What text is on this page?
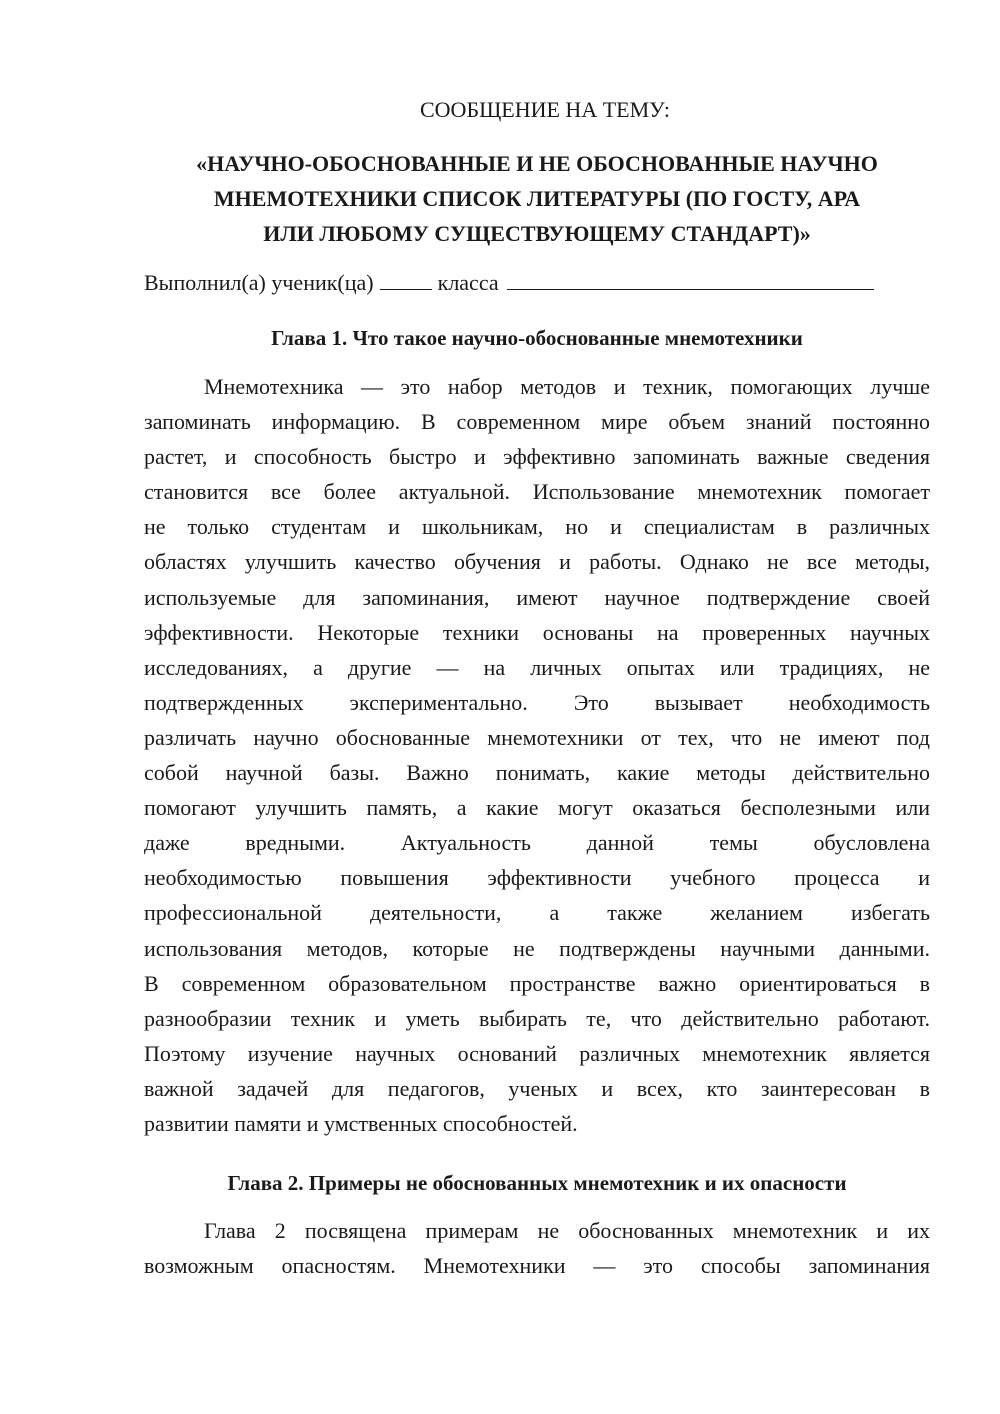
СООБЩЕНИЕ НА ТЕМУ:
«НАУЧНО-ОБОСНОВАННЫЕ И НЕ ОБОСНОВАННЫЕ НАУЧНО
МНЕМОТЕХНИКИ СПИСОК ЛИТЕРАТУРЫ (ПО ГОСТУ, АРА
ИЛИ ЛЮБОМУ СУЩЕСТВУЮЩЕМУ СТАНДАРТ)»
Выполнил(а) ученик(ца)	класса
Глава 1. Что такое научно-обоснованные мнемотехники
Мнемотехника — это набор методов и техник, помогающих лучше
запоминать информацию. В современном мире объем знаний постоянно
растет, и способность быстро и эффективно запоминать важные сведения
становится все более актуальной. Использование мнемотехник помогает
не только студентам и школьникам, но и специалистам в различных
областях улучшить качество обучения и работы. Однако не все методы,
используемые для запоминания, имеют научное подтверждение своей
эффективности. Некоторые техники основаны на проверенных научных
исследованиях, а другие — на личных опытах или традициях, не
подтвержденных экспериментально. Это вызывает необходимость
различать научно обоснованные мнемотехники от тех, что не имеют под
собой научной базы. Важно понимать, какие методы действительно
помогают улучшить память, а какие могут оказаться бесполезными или
даже вредными. Актуальность данной темы обусловлена
необходимостью повышения эффективности учебного процесса и
профессиональной деятельности, а также желанием избегать
использования методов, которые не подтверждены научными данными.
В современном образовательном пространстве важно ориентироваться в
разнообразии техник и уметь выбирать те, что действительно работают.
Поэтому изучение научных оснований различных мнемотехник является
важной задачей для педагогов, ученых и всех, кто заинтересован в
развитии памяти и умственных способностей.
Глава 2. Примеры не обоснованных мнемотехник и их опасности
Глава 2 посвящена примерам не обоснованных мнемотехник и их
возможным опасностям. Мнемотехники — это способы запоминания
